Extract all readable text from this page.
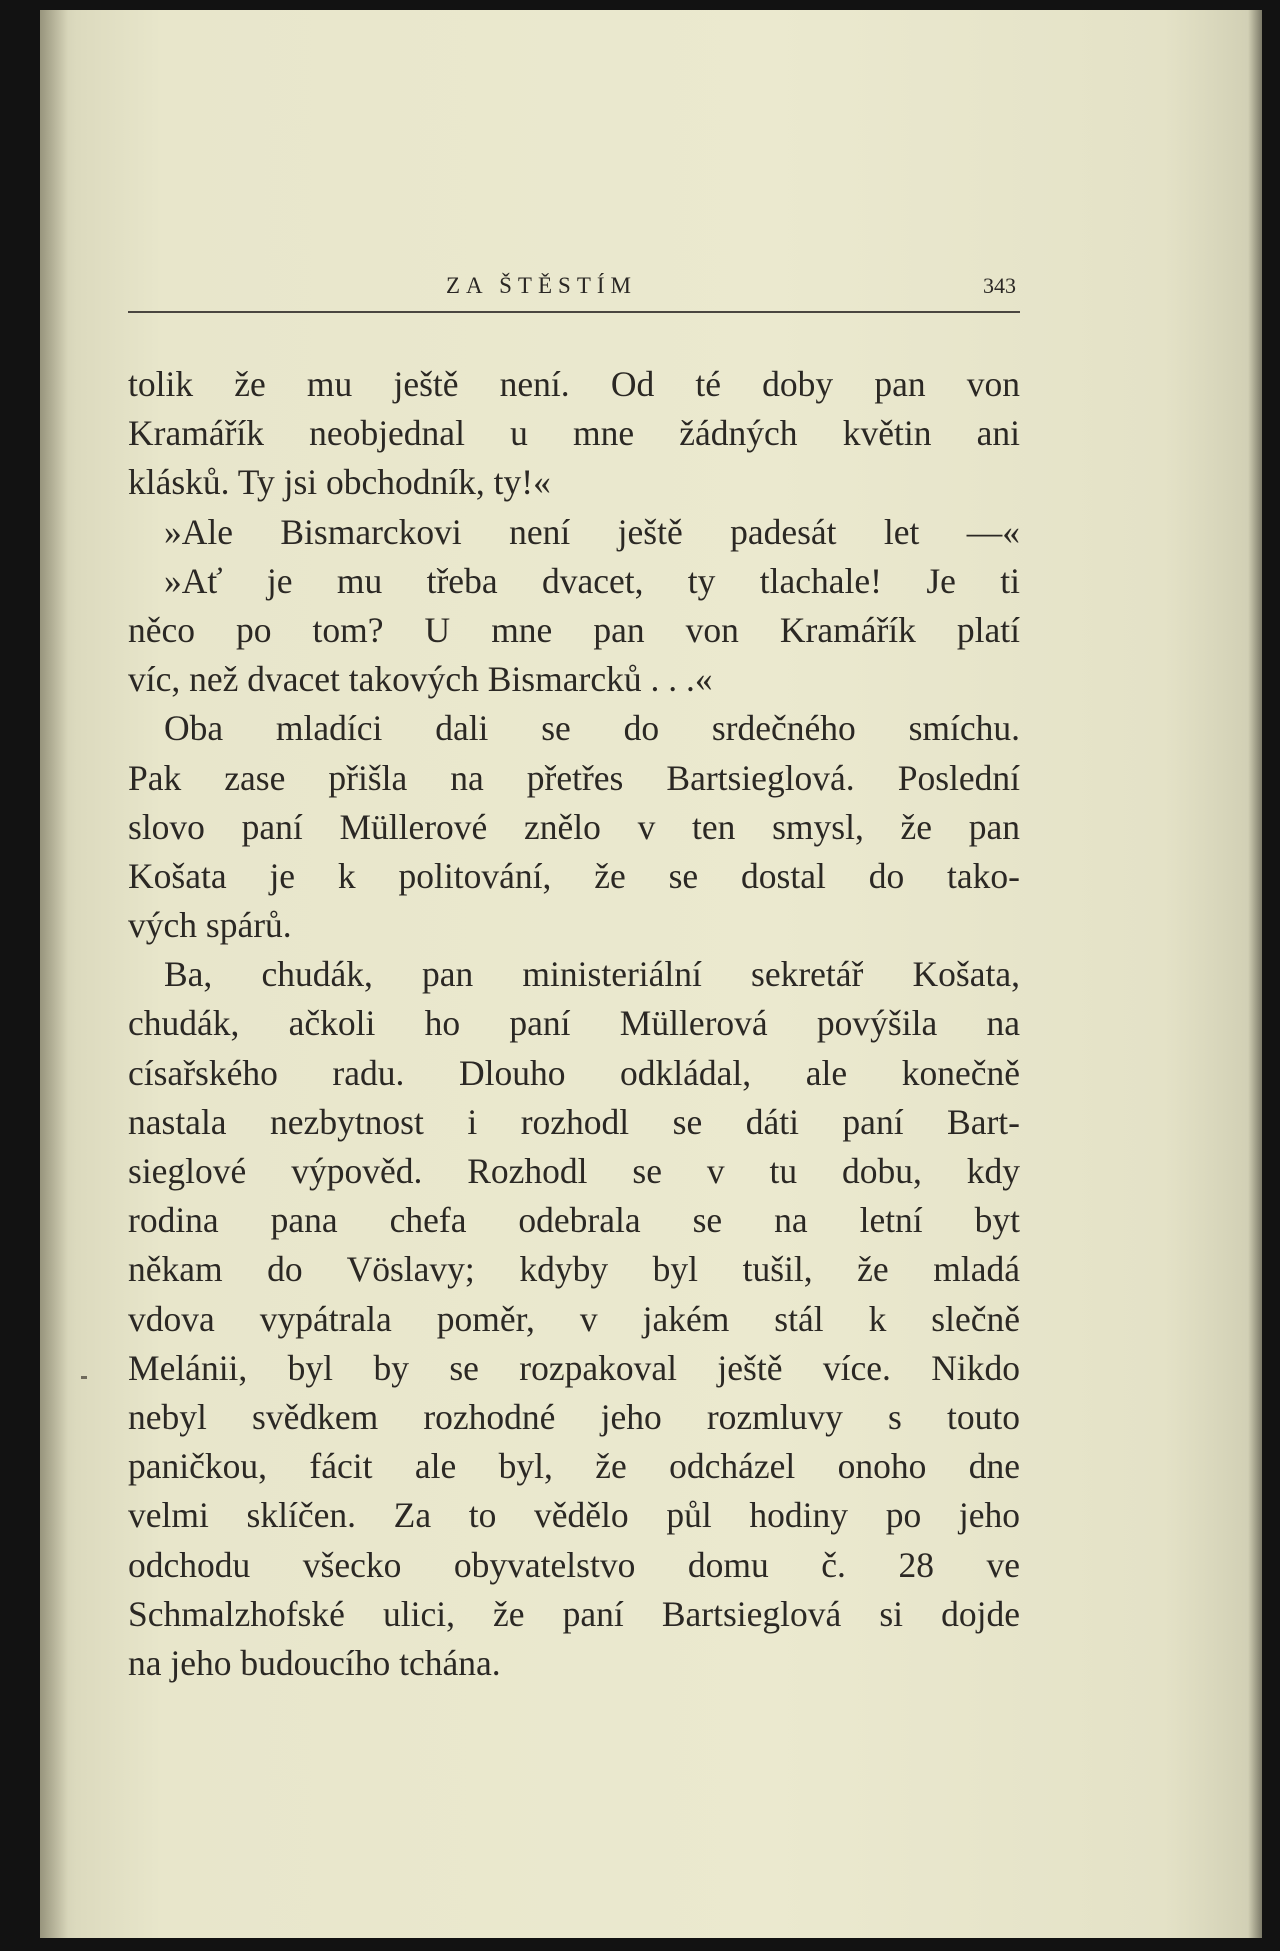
ZA ŠTĚSTÍM	343
tolik že mu ještě není. Od té doby pan von
Kramářík neobjednal u mne žádných květin ani
klásků. Ty jsi obchodník, ty!«
»Ale Bismarckovi není ještě padesát let —«
»Ať je mu třeba dvacet, ty tlachale! Je ti
něco po tom? U mne pan von Kramářík platí
víc, než dvacet takových Bismarcků . . .«
Oba mladíci dali se do srdečného smíchu.
Pak zase přišla na přetřes Bartsieglová. Poslední
slovo paní Müllerové znělo v ten smysl, že pan
Košata je k politování, že se dostal do tako-
vých spárů.
Ba, chudák, pan ministeriální sekretář Košata,
chudák, ačkoli ho paní Müllerová povýšila na
císařského radu. Dlouho odkládal, ale konečně
nastala nezbytnost i rozhodl se dáti paní Bart-
sieglové výpověd. Rozhodl se v tu dobu, kdy
rodina pana chefa odebrala se na letní byt
někam do Vöslavy; kdyby byl tušil, že mladá
vdova vypátrala poměr, v jakém stál k slečně
Melánii, byl by se rozpakoval ještě více. Nikdo
nebyl svědkem rozhodné jeho rozmluvy s touto
paničkou, fácit ale byl, že odcházel onoho dne
velmi sklíčen. Za to vědělo půl hodiny po jeho
odchodu všecko obyvatelstvo domu č. 28 ve
Schmalzhofské ulici, že paní Bartsieglová si dojde
na jeho budoucího tchána.
